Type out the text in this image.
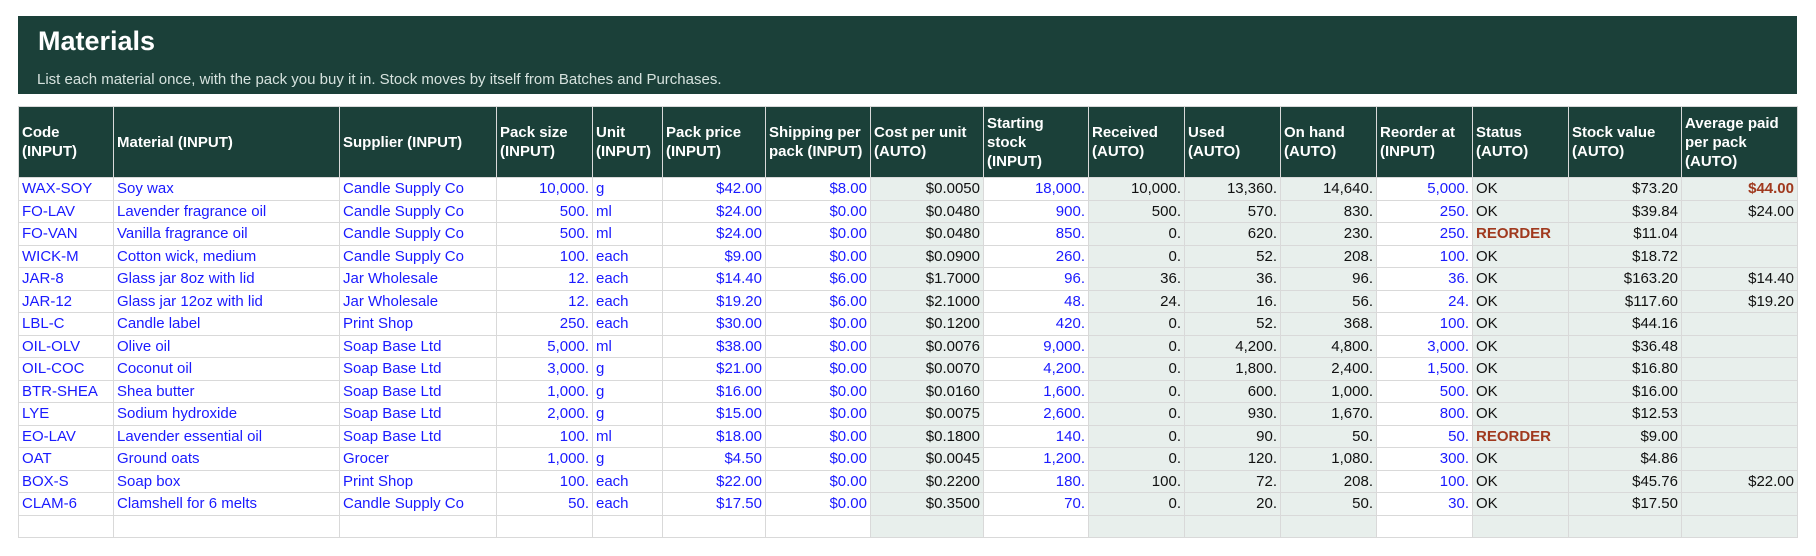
Materials
List each material once, with the pack you buy it in. Stock moves by itself from Batches and Purchases.
Code (INPUT)	Material (INPUT)	Supplier (INPUT)	Pack size (INPUT)	Unit (INPUT)	Pack price (INPUT)	Shipping per pack (INPUT)	Cost per unit (AUTO)	Starting stock (INPUT)	Received (AUTO)	Used (AUTO)	On hand (AUTO)	Reorder at (INPUT)	Status (AUTO)	Stock value (AUTO)	Average paid per pack (AUTO)
WAX-SOY	Soy wax	Candle Supply Co	10,000.	g	$42.00	$8.00	$0.0050	18,000.	10,000.	13,360.	14,640.	5,000.	OK	$73.20	$44.00
FO-LAV	Lavender fragrance oil	Candle Supply Co	500.	ml	$24.00	$0.00	$0.0480	900.	500.	570.	830.	250.	OK	$39.84	$24.00
FO-VAN	Vanilla fragrance oil	Candle Supply Co	500.	ml	$24.00	$0.00	$0.0480	850.	0.	620.	230.	250.	REORDER	$11.04	
WICK-M	Cotton wick, medium	Candle Supply Co	100.	each	$9.00	$0.00	$0.0900	260.	0.	52.	208.	100.	OK	$18.72	
JAR-8	Glass jar 8oz with lid	Jar Wholesale	12.	each	$14.40	$6.00	$1.7000	96.	36.	36.	96.	36.	OK	$163.20	$14.40
JAR-12	Glass jar 12oz with lid	Jar Wholesale	12.	each	$19.20	$6.00	$2.1000	48.	24.	16.	56.	24.	OK	$117.60	$19.20
LBL-C	Candle label	Print Shop	250.	each	$30.00	$0.00	$0.1200	420.	0.	52.	368.	100.	OK	$44.16	
OIL-OLV	Olive oil	Soap Base Ltd	5,000.	ml	$38.00	$0.00	$0.0076	9,000.	0.	4,200.	4,800.	3,000.	OK	$36.48	
OIL-COC	Coconut oil	Soap Base Ltd	3,000.	g	$21.00	$0.00	$0.0070	4,200.	0.	1,800.	2,400.	1,500.	OK	$16.80	
BTR-SHEA	Shea butter	Soap Base Ltd	1,000.	g	$16.00	$0.00	$0.0160	1,600.	0.	600.	1,000.	500.	OK	$16.00	
LYE	Sodium hydroxide	Soap Base Ltd	2,000.	g	$15.00	$0.00	$0.0075	2,600.	0.	930.	1,670.	800.	OK	$12.53	
EO-LAV	Lavender essential oil	Soap Base Ltd	100.	ml	$18.00	$0.00	$0.1800	140.	0.	90.	50.	50.	REORDER	$9.00	
OAT	Ground oats	Grocer	1,000.	g	$4.50	$0.00	$0.0045	1,200.	0.	120.	1,080.	300.	OK	$4.86	
BOX-S	Soap box	Print Shop	100.	each	$22.00	$0.00	$0.2200	180.	100.	72.	208.	100.	OK	$45.76	$22.00
CLAM-6	Clamshell for 6 melts	Candle Supply Co	50.	each	$17.50	$0.00	$0.3500	70.	0.	20.	50.	30.	OK	$17.50	
